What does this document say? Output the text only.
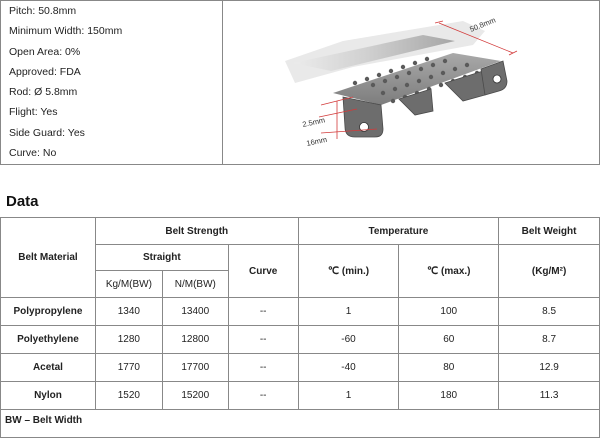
Pitch: 50.8mm
Minimum Width: 150mm
Open Area: 0%
Approved: FDA
Rod: Ø 5.8mm
Flight: Yes
Side Guard: Yes
Curve: No
50.8mm
2.5mm
16mm
Data
Belt Material	Belt Strength			Temperature		Belt Weight
	Straight		Curve	℃ (min.)	℃ (max.)	(Kg/M²)
	Kg/M(BW)	N/M(BW)				
Polypropylene	1340	13400	--	1	100	8.5
Polyethylene	1280	12800	--	-60	60	8.7
Acetal	1770	17700	--	-40	80	12.9
Nylon	1520	15200	--	1	180	11.3
BW – Belt Width
